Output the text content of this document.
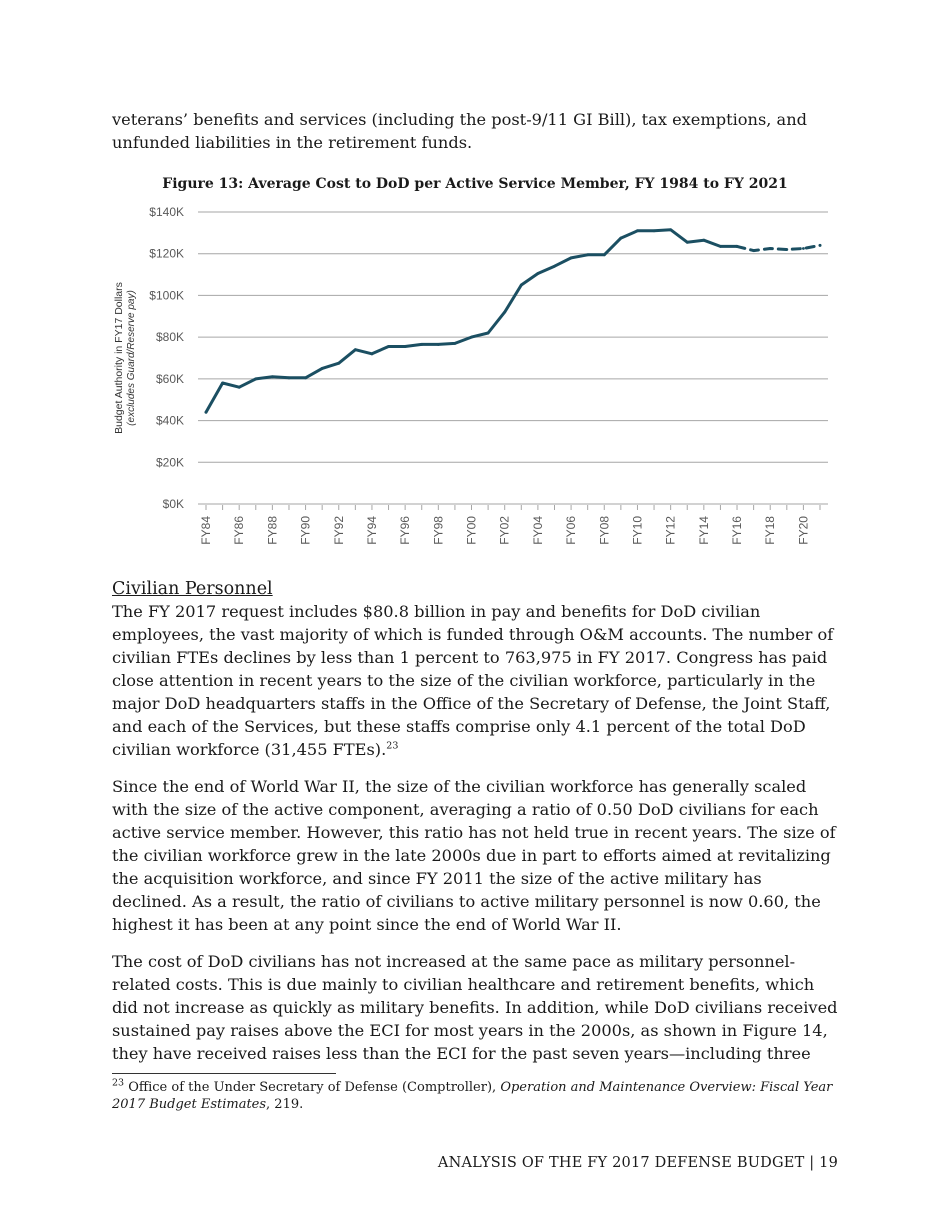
veterans’ benefits and services (including the post-9/11 GI Bill), tax exemptions, and unfunded liabilities in the retirement funds.

Figure 13: Average Cost to DoD per Active Service Member, FY 1984 to FY 2021

$0K
$20K
$40K
$60K
$80K
$100K
$120K
$140K
FY84 FY86 FY88 FY90 FY92 FY94 FY96 FY98 FY00 FY02 FY04 FY06 FY08 FY10 FY12 FY14 FY16 FY18 FY20
Budget Authority in FY17 Dollars (excludes Guard/Reserve pay)

Civilian Personnel

The FY 2017 request includes $80.8 billion in pay and benefits for DoD civilian employees, the vast majority of which is funded through O&M accounts. The number of civilian FTEs declines by less than 1 percent to 763,975 in FY 2017. Congress has paid close attention in recent years to the size of the civilian workforce, particularly in the major DoD headquarters staffs in the Office of the Secretary of Defense, the Joint Staff, and each of the Services, but these staffs comprise only 4.1 percent of the total DoD civilian workforce (31,455 FTEs).$^{23}$

Since the end of World War II, the size of the civilian workforce has generally scaled with the size of the active component, averaging a ratio of 0.50 DoD civilians for each active service member. However, this ratio has not held true in recent years. The size of the civilian workforce grew in the late 2000s due in part to efforts aimed at revitalizing the acquisition workforce, and since FY 2011 the size of the active military has declined. As a result, the ratio of civilians to active military personnel is now 0.60, the highest it has been at any point since the end of World War II.

The cost of DoD civilians has not increased at the same pace as military personnel-related costs. This is due mainly to civilian healthcare and retirement benefits, which did not increase as quickly as military benefits. In addition, while DoD civilians received sustained pay raises above the ECI for most years in the 2000s, as shown in Figure 14, they have received raises less than the ECI for the past seven years—including three

$^{23}$ Office of the Under Secretary of Defense (Comptroller), Operation and Maintenance Overview: Fiscal Year 2017 Budget Estimates, 219.
ANALYSIS OF THE FY 2017 DEFENSE BUDGET | 19
